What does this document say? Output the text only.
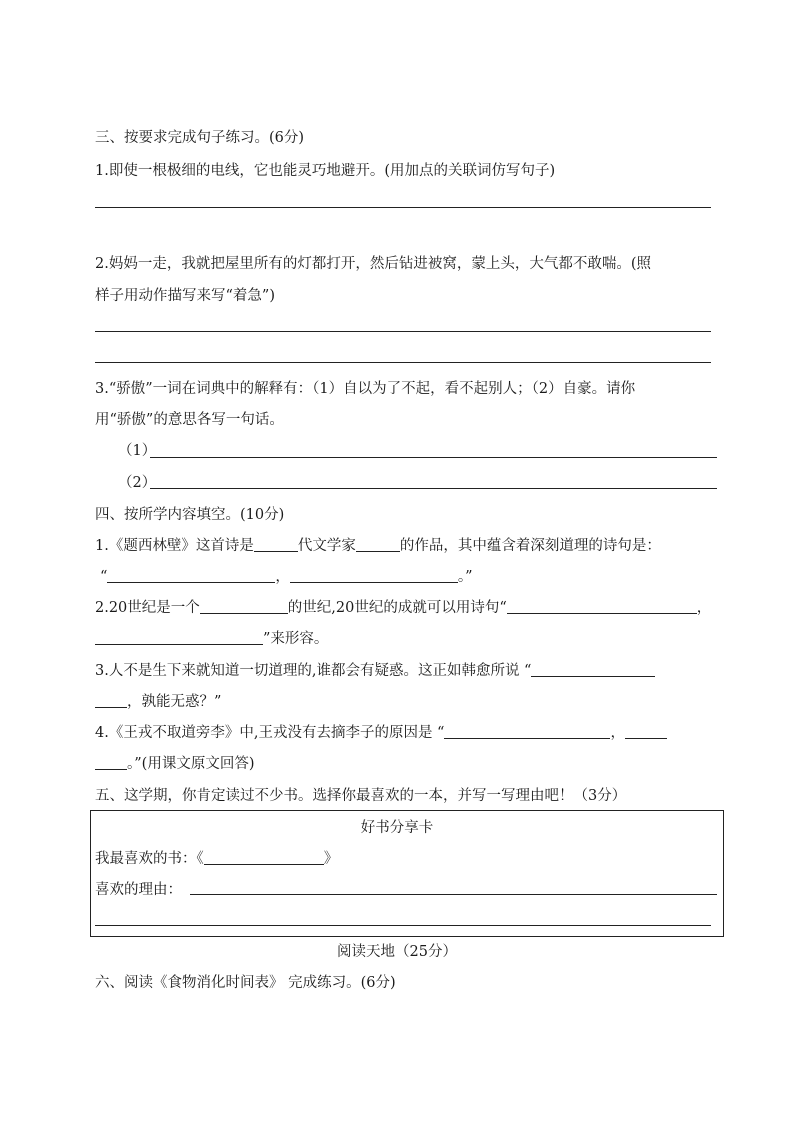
三、按要求完成句子练习。(6分)
1.即使一根极细的电线，它也能灵巧地避开。(用加点的关联词仿写句子)
2.妈妈一走，我就把屋里所有的灯都打开，然后钻进被窝，蒙上头，大气都不敢喘。(照
样子用动作描写来写“着急”)
3.“骄傲”一词在词典中的解释有：（1）自以为了不起，看不起别人；（2）自豪。请你
用“骄傲”的意思各写一句话。
（1）
（2）
四、按所学内容填空。(10分)
1.《题西林壁》这首诗是	代文学家	的作品，其中蕴含着深刻道理的诗句是：
“	，	。”
2.20世纪是一个	的世纪,20世纪的成就可以用诗句“	，
”来形容。
3.人不是生下来就知道一切道理的,谁都会有疑惑。这正如韩愈所说 “
，孰能无惑？”
4.《王戎不取道旁李》中,王戎没有去摘李子的原因是 “	，
。”(用课文原文回答)
五、这学期，你肯定读过不少书。选择你最喜欢的一本，并写一写理由吧！（3分）
好书分享卡
我最喜欢的书：《	》
喜欢的理由：
阅读天地（25分）
六、阅读《食物消化时间表》 完成练习。(6分)
